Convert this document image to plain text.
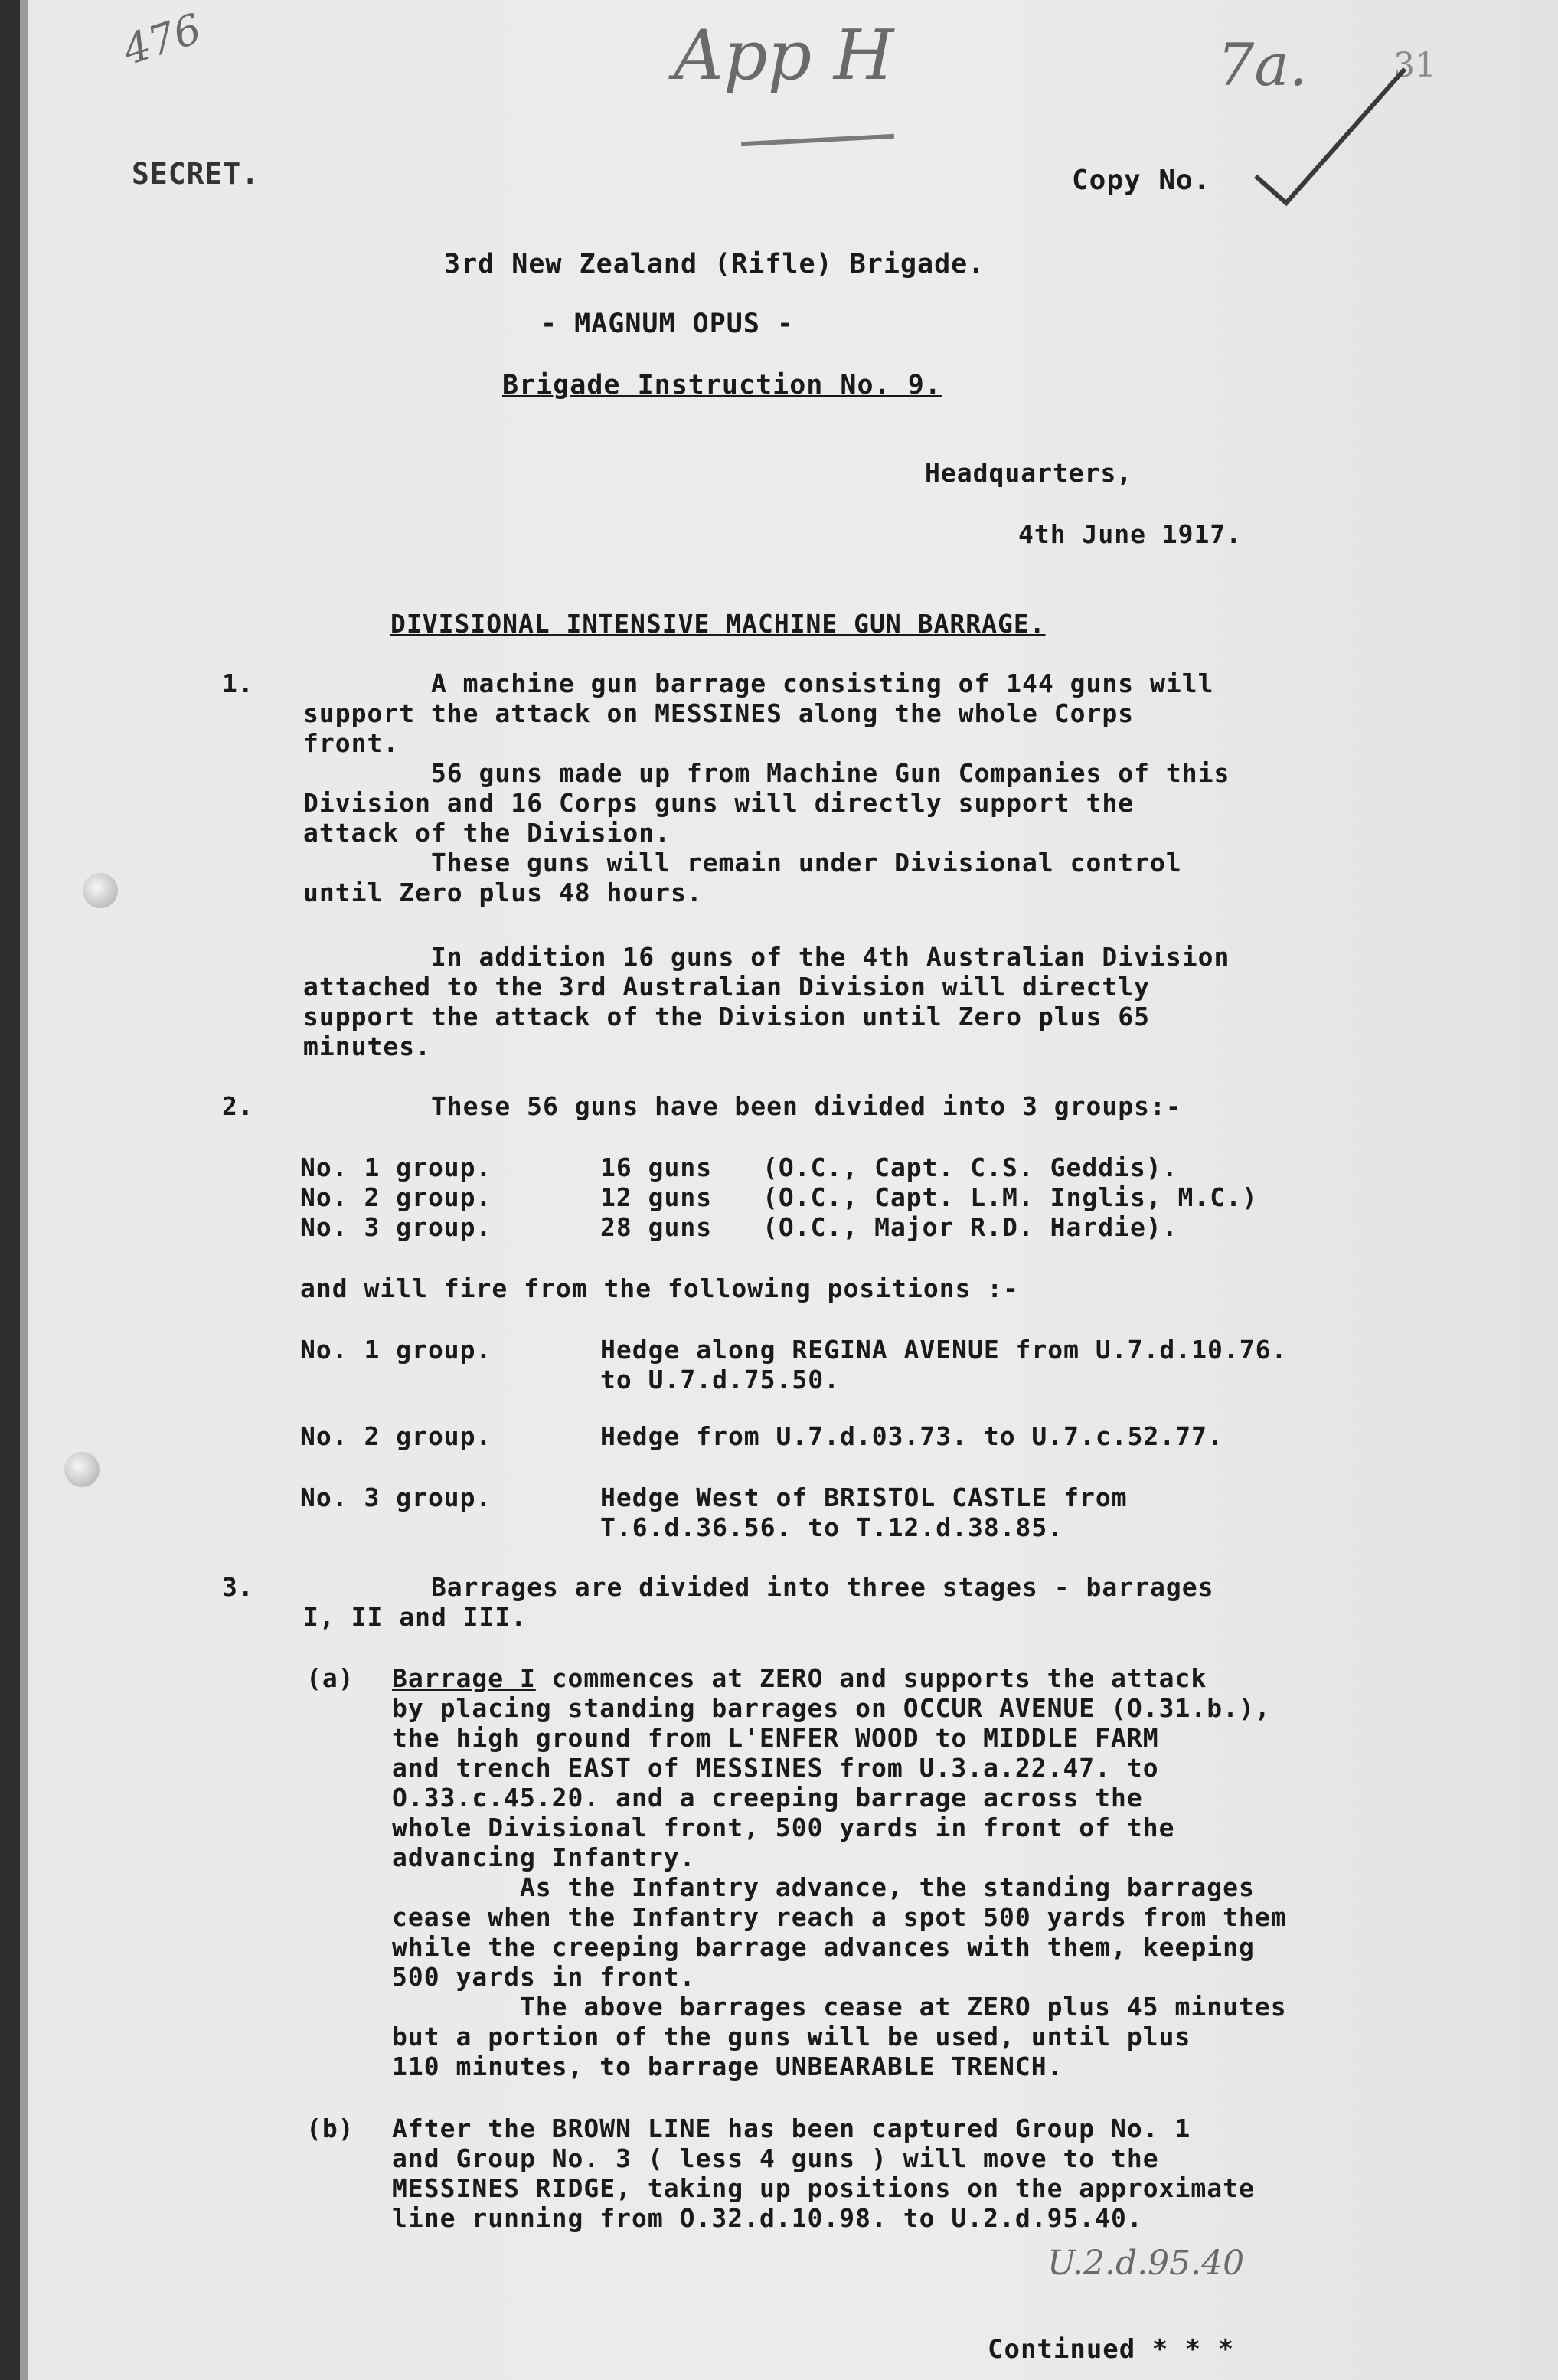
476	App H	7a.	31
SECRET.	Copy No.
3rd New Zealand (Rifle) Brigade.
- MAGNUM OPUS -
Brigade Instruction No. 9.
Headquarters,
4th June 1917.
DIVISIONAL INTENSIVE MACHINE GUN BARRAGE.
1. A machine gun barrage consisting of 144 guns will
support the attack on MESSINES along the whole Corps
front.
56 guns made up from Machine Gun Companies of this
Division and 16 Corps guns will directly support the
attack of the Division.
These guns will remain under Divisional control
until Zero plus 48 hours.
In addition 16 guns of the 4th Australian Division
attached to the 3rd Australian Division will directly
support the attack of the Division until Zero plus 65
minutes.
2. These 56 guns have been divided into 3 groups:-
No. 1 group.	16 guns (O.C., Capt. C.S. Geddis).
No. 2 group.	12 guns (O.C., Capt. L.M. Inglis, M.C.)
No. 3 group.	28 guns (O.C., Major R.D. Hardie).
and will fire from the following positions :-
No. 1 group.	Hedge along REGINA AVENUE from U.7.d.10.76.
to U.7.d.75.50.
No. 2 group.	Hedge from U.7.d.03.73. to U.7.c.52.77.
No. 3 group.	Hedge West of BRISTOL CASTLE from
T.6.d.36.56. to T.12.d.38.85.
3. Barrages are divided into three stages - barrages
I, II and III.
(a) Barrage I commences at ZERO and supports the attack
by placing standing barrages on OCCUR AVENUE (O.31.b.),
the high ground from L'ENFER WOOD to MIDDLE FARM
and trench EAST of MESSINES from U.3.a.22.47. to
O.33.c.45.20. and a creeping barrage across the
whole Divisional front, 500 yards in front of the
advancing Infantry.
As the Infantry advance, the standing barrages
cease when the Infantry reach a spot 500 yards from them
while the creeping barrage advances with them, keeping
500 yards in front.
The above barrages cease at ZERO plus 45 minutes
but a portion of the guns will be used, until plus
110 minutes, to barrage UNBEARABLE TRENCH.
(b) After the BROWN LINE has been captured Group No. 1
and Group No. 3 ( less 4 guns ) will move to the
MESSINES RIDGE, taking up positions on the approximate
line running from O.32.d.10.98. to U.2.d.95.40.
U.2.d.95.40
Continued * * *
